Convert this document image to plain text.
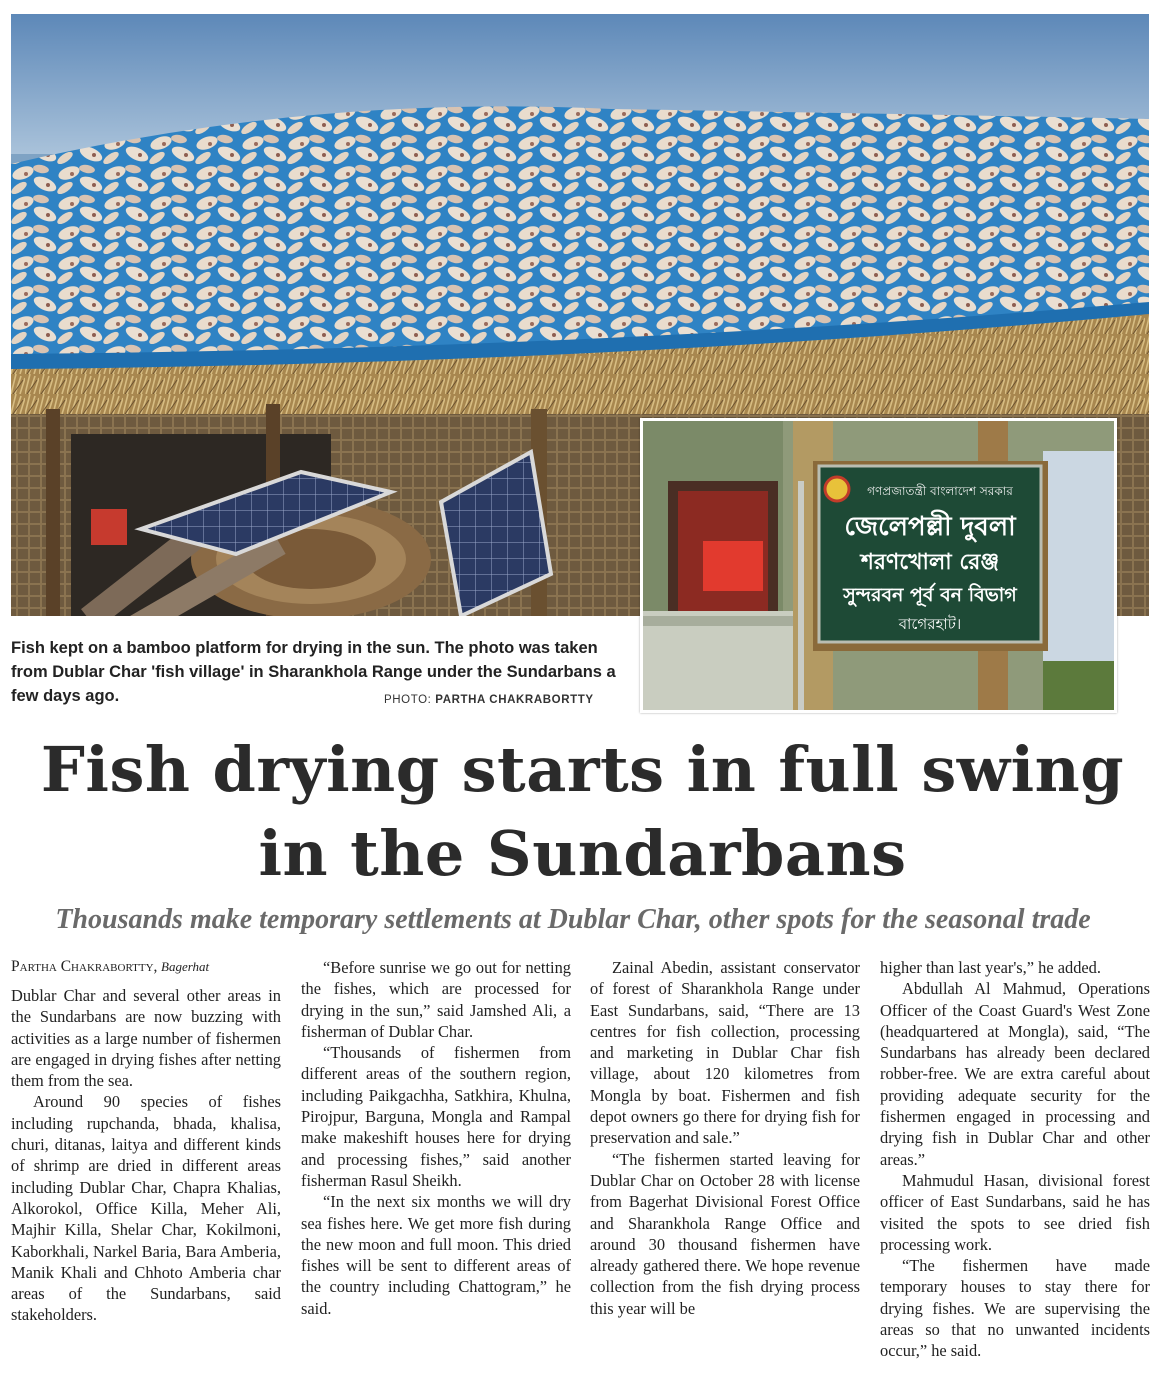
গণপ্রজাতন্ত্রী বাংলাদেশ সরকার
জেলেপল্লী দুবলা
শরণখোলা রেঞ্জ
সুন্দরবন পূর্ব বন বিভাগ
বাগেরহাট।
Fish kept on a bamboo platform for drying in the sun. The photo was taken from Dublar Char 'fish village' in Sharankhola Range under the Sundarbans a few days ago.	PHOTO: PARTHA CHAKRABORTTY
Fish drying starts in full swing
in the Sundarbans
Thousands make temporary settlements at Dublar Char, other spots for the seasonal trade
Partha Chakrabortty, Bagerhat

Dublar Char and several other areas in the Sundarbans are now buzzing with activities as a large number of fishermen are engaged in drying fishes after netting them from the sea.

Around 90 species of fishes including rupchanda, bhada, khalisa, churi, ditanas, laitya and different kinds of shrimp are dried in different areas including Dublar Char, Chapra Khalias, Alkorokol, Office Killa, Meher Ali, Majhir Killa, Shelar Char, Kokilmoni, Kaborkhali, Narkel Baria, Bara Amberia, Manik Khali and Chhoto Amberia char areas of the Sundarbans, said stakeholders.

“Before sunrise we go out for netting the fishes, which are processed for drying in the sun,” said Jamshed Ali, a fisherman of Dublar Char.

“Thousands of fishermen from different areas of the southern region, including Paikgachha, Satkhira, Khulna, Pirojpur, Barguna, Mongla and Rampal make makeshift houses here for drying and processing fishes,” said another fisherman Rasul Sheikh.

“In the next six months we will dry sea fishes here. We get more fish during the new moon and full moon. This dried fishes will be sent to different areas of the country including Chattogram,” he said.

Zainal Abedin, assistant conservator of forest of Sharankhola Range under East Sundarbans, said, “There are 13 centres for fish collection, processing and marketing in Dublar Char fish village, about 120 kilometres from Mongla by boat. Fishermen and fish depot owners go there for drying fish for preservation and sale.”

“The fishermen started leaving for Dublar Char on October 28 with license from Bagerhat Divisional Forest Office and Sharankhola Range Office and around 30 thousand fishermen have already gathered there. We hope revenue collection from the fish drying process this year will be

higher than last year's,” he added.

Abdullah Al Mahmud, Operations Officer of the Coast Guard's West Zone (headquartered at Mongla), said, “The Sundarbans has already been declared robber-free. We are extra careful about providing adequate security for the fishermen engaged in processing and drying fish in Dublar Char and other areas.”

Mahmudul Hasan, divisional forest officer of East Sundarbans, said he has visited the spots to see dried fish processing work.

“The fishermen have made temporary houses to stay there for drying fishes. We are supervising the areas so that no unwanted incidents occur,” he said.
